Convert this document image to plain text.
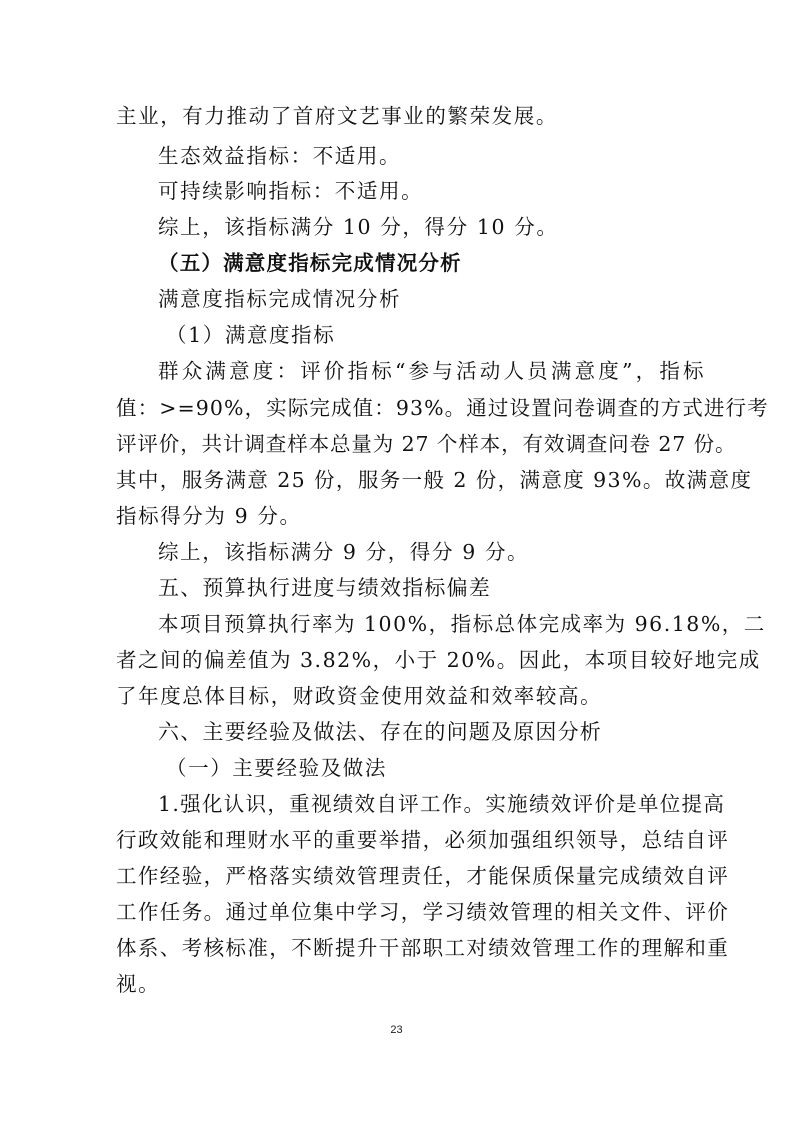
主业，有力推动了首府文艺事业的繁荣发展。
生态效益指标：不适用。
可持续影响指标：不适用。
综上，该指标满分 10 分，得分 10 分。
（五）满意度指标完成情况分析
满意度指标完成情况分析
（1）满意度指标
群众满意度：评价指标“参与活动人员满意度”，指标
值：>=90%，实际完成值：93%。通过设置问卷调查的方式进行考
评评价，共计调查样本总量为 27 个样本，有效调查问卷 27 份。
其中，服务满意 25 份，服务一般 2 份，满意度 93%。故满意度
指标得分为 9 分。
综上，该指标满分 9 分，得分 9 分。
五、预算执行进度与绩效指标偏差
本项目预算执行率为 100%，指标总体完成率为 96.18%，二
者之间的偏差值为 3.82%，小于 20%。因此，本项目较好地完成
了年度总体目标，财政资金使用效益和效率较高。
六、主要经验及做法、存在的问题及原因分析
（一）主要经验及做法
1.强化认识，重视绩效自评工作。实施绩效评价是单位提高
行政效能和理财水平的重要举措，必须加强组织领导，总结自评
工作经验，严格落实绩效管理责任，才能保质保量完成绩效自评
工作任务。通过单位集中学习，学习绩效管理的相关文件、评价
体系、考核标准，不断提升干部职工对绩效管理工作的理解和重
视。
23
